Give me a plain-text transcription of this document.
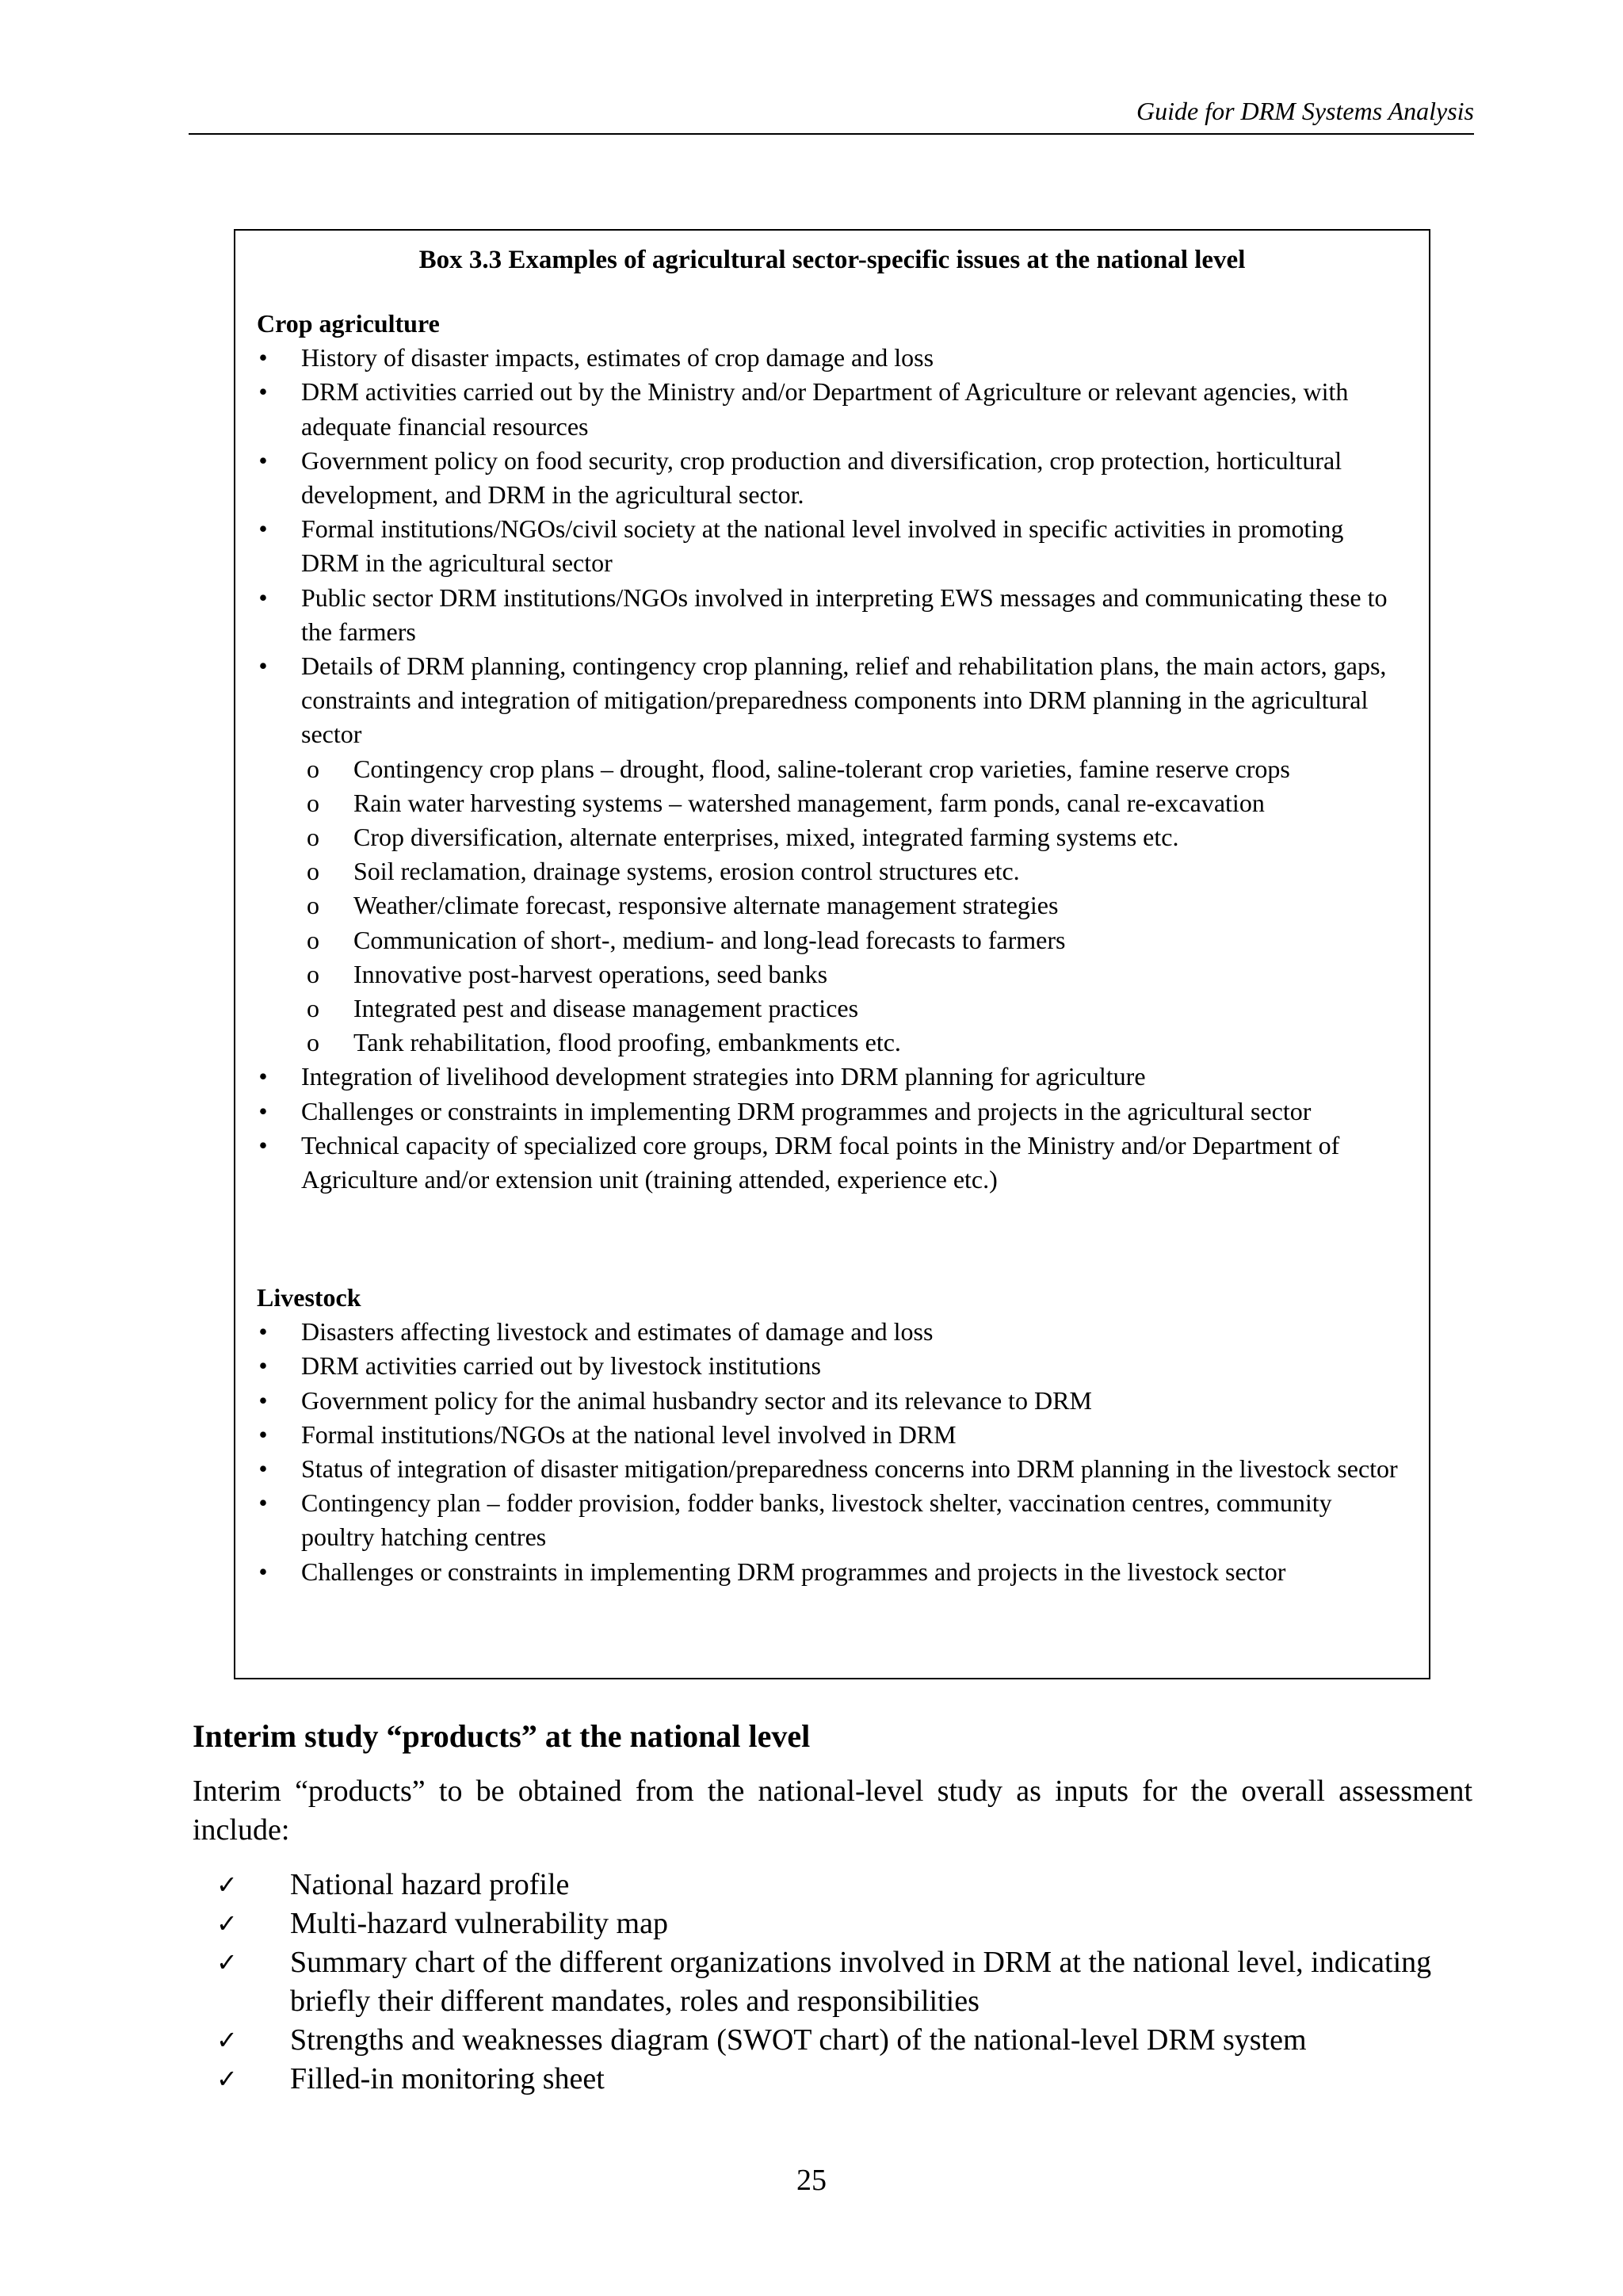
Guide for DRM Systems Analysis
Box 3.3 Examples of agricultural sector-specific issues at the national level

Crop agriculture

• History of disaster impacts, estimates of crop damage and loss
• DRM activities carried out by the Ministry and/or Department of Agriculture or relevant agencies, with adequate financial resources
• Government policy on food security, crop production and diversification, crop protection, horticultural development, and DRM in the agricultural sector.
• Formal institutions/NGOs/civil society at the national level involved in specific activities in promoting DRM in the agricultural sector
• Public sector DRM institutions/NGOs involved in interpreting EWS messages and communicating these to the farmers
• Details of DRM planning, contingency crop planning, relief and rehabilitation plans, the main actors, gaps, constraints and integration of mitigation/preparedness components into DRM planning in the agricultural sector
o Contingency crop plans – drought, flood, saline-tolerant crop varieties, famine reserve crops
o Rain water harvesting systems – watershed management, farm ponds, canal re-excavation
o Crop diversification, alternate enterprises, mixed, integrated farming systems etc.
o Soil reclamation, drainage systems, erosion control structures etc.
o Weather/climate forecast, responsive alternate management strategies
o Communication of short-, medium- and long-lead forecasts to farmers
o Innovative post-harvest operations, seed banks
o Integrated pest and disease management practices
o Tank rehabilitation, flood proofing, embankments etc.
• Integration of livelihood development strategies into DRM planning for agriculture
• Challenges or constraints in implementing DRM programmes and projects in the agricultural sector
• Technical capacity of specialized core groups, DRM focal points in the Ministry and/or Department of Agriculture and/or extension unit (training attended, experience etc.)

Livestock

• Disasters affecting livestock and estimates of damage and loss
• DRM activities carried out by livestock institutions
• Government policy for the animal husbandry sector and its relevance to DRM
• Formal institutions/NGOs at the national level involved in DRM
• Status of integration of disaster mitigation/preparedness concerns into DRM planning in the livestock sector
• Contingency plan – fodder provision, fodder banks, livestock shelter, vaccination centres, community poultry hatching centres
• Challenges or constraints in implementing DRM programmes and projects in the livestock sector
Interim study “products” at the national level

Interim “products” to be obtained from the national-level study as inputs for the overall assessment include:

✓ National hazard profile
✓ Multi-hazard vulnerability map
✓ Summary chart of the different organizations involved in DRM at the national level, indicating briefly their different mandates, roles and responsibilities
✓ Strengths and weaknesses diagram (SWOT chart) of the national-level DRM system
✓ Filled-in monitoring sheet
25
